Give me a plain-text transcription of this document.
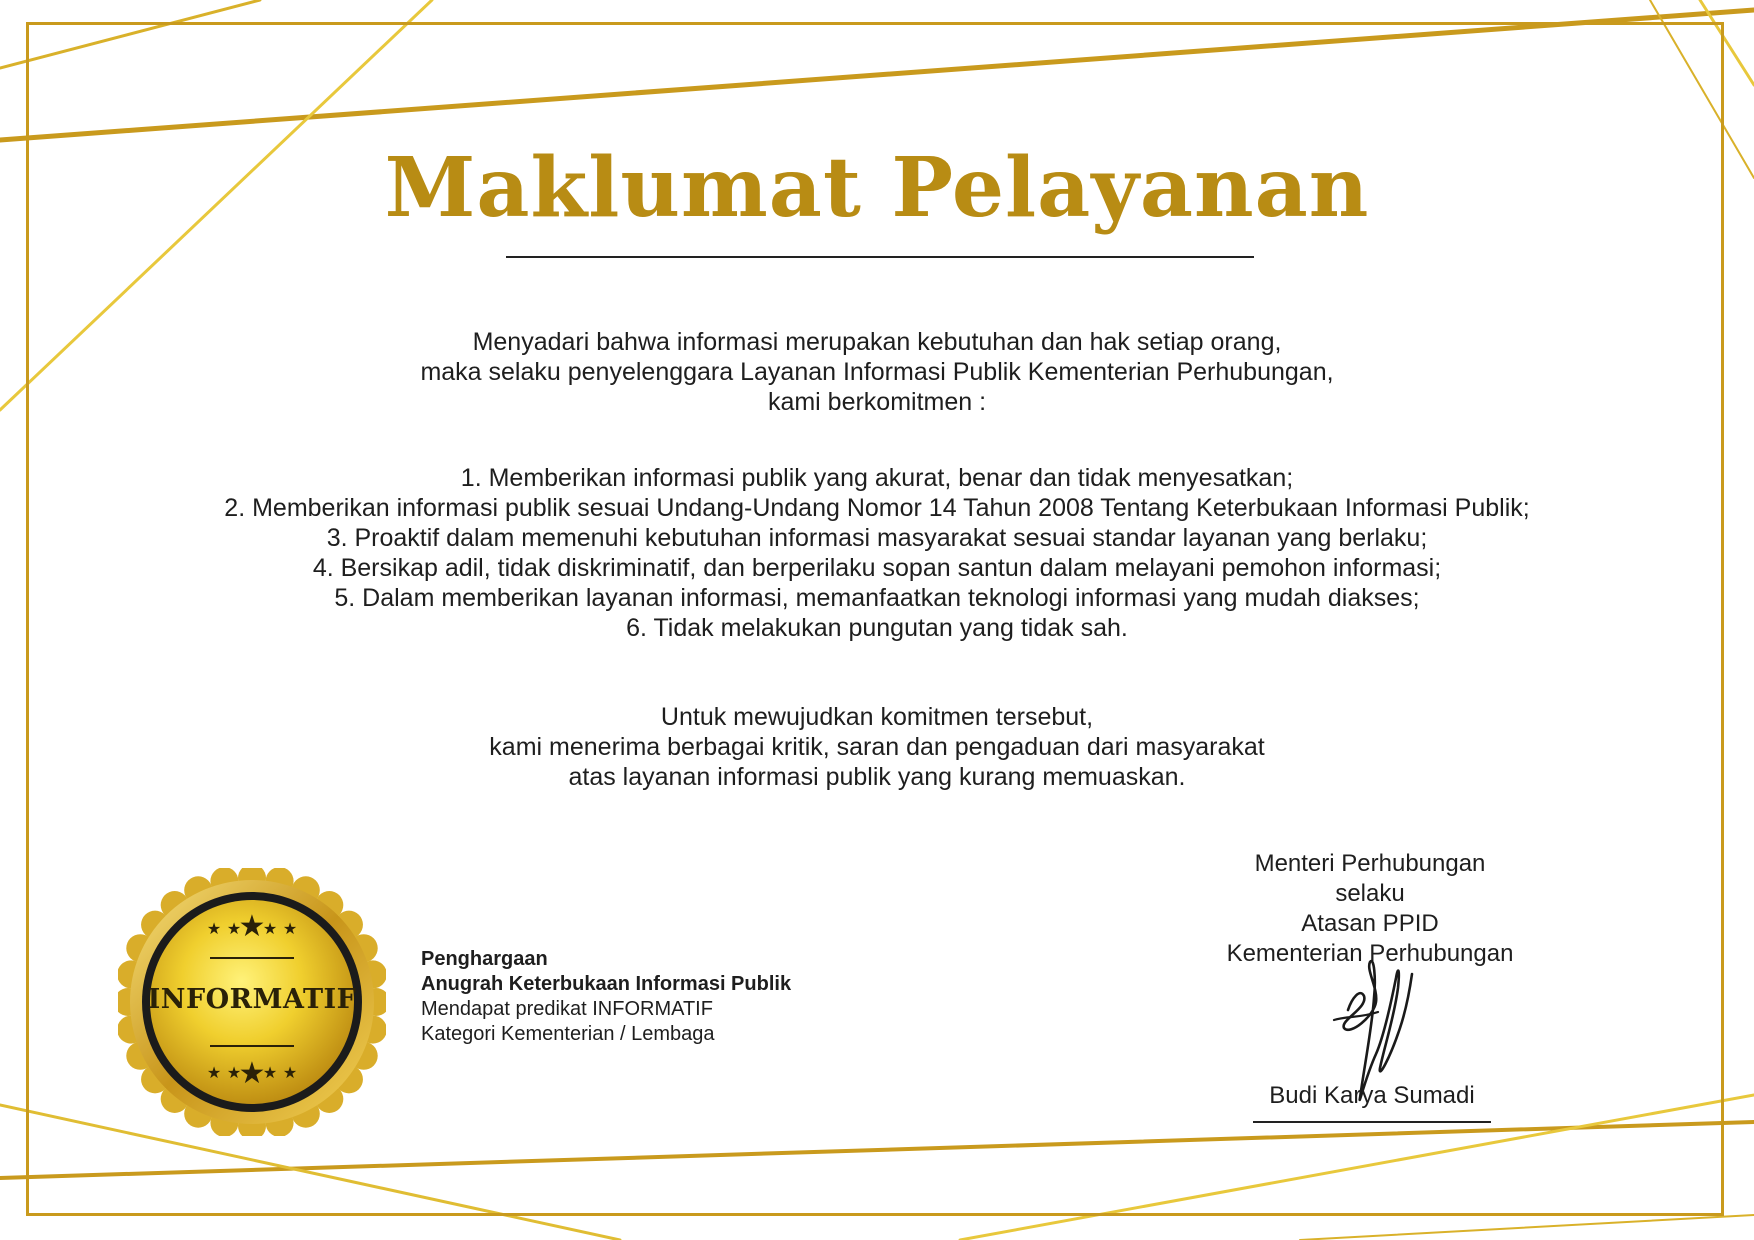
Maklumat Pelayanan

Menyadari bahwa informasi merupakan kebutuhan dan hak setiap orang,

maka selaku penyelenggara Layanan Informasi Publik Kementerian Perhubungan,

kami berkomitmen :

1. Memberikan informasi publik yang akurat, benar dan tidak menyesatkan;

2. Memberikan informasi publik sesuai Undang-Undang Nomor 14 Tahun 2008 Tentang Keterbukaan Informasi Publik;

3. Proaktif dalam memenuhi kebutuhan informasi masyarakat sesuai standar layanan yang berlaku;

4. Bersikap adil, tidak diskriminatif, dan berperilaku sopan santun dalam melayani pemohon informasi;

5. Dalam memberikan layanan informasi, memanfaatkan teknologi informasi yang mudah diakses;

6. Tidak melakukan pungutan yang tidak sah.

Untuk mewujudkan komitmen tersebut,

kami menerima berbagai kritik, saran dan pengaduan dari masyarakat

atas layanan informasi publik yang kurang memuaskan.

★
★ ★ ★ ★
★
★ ★ ★ ★
INFORMATIF
Penghargaan
Anugrah Keterbukaan Informasi Publik
Mendapat predikat INFORMATIF
Kategori Kementerian / Lembaga

Menteri Perhubungan

selaku

Atasan PPID

Kementerian Perhubungan

Budi Karya Sumadi
